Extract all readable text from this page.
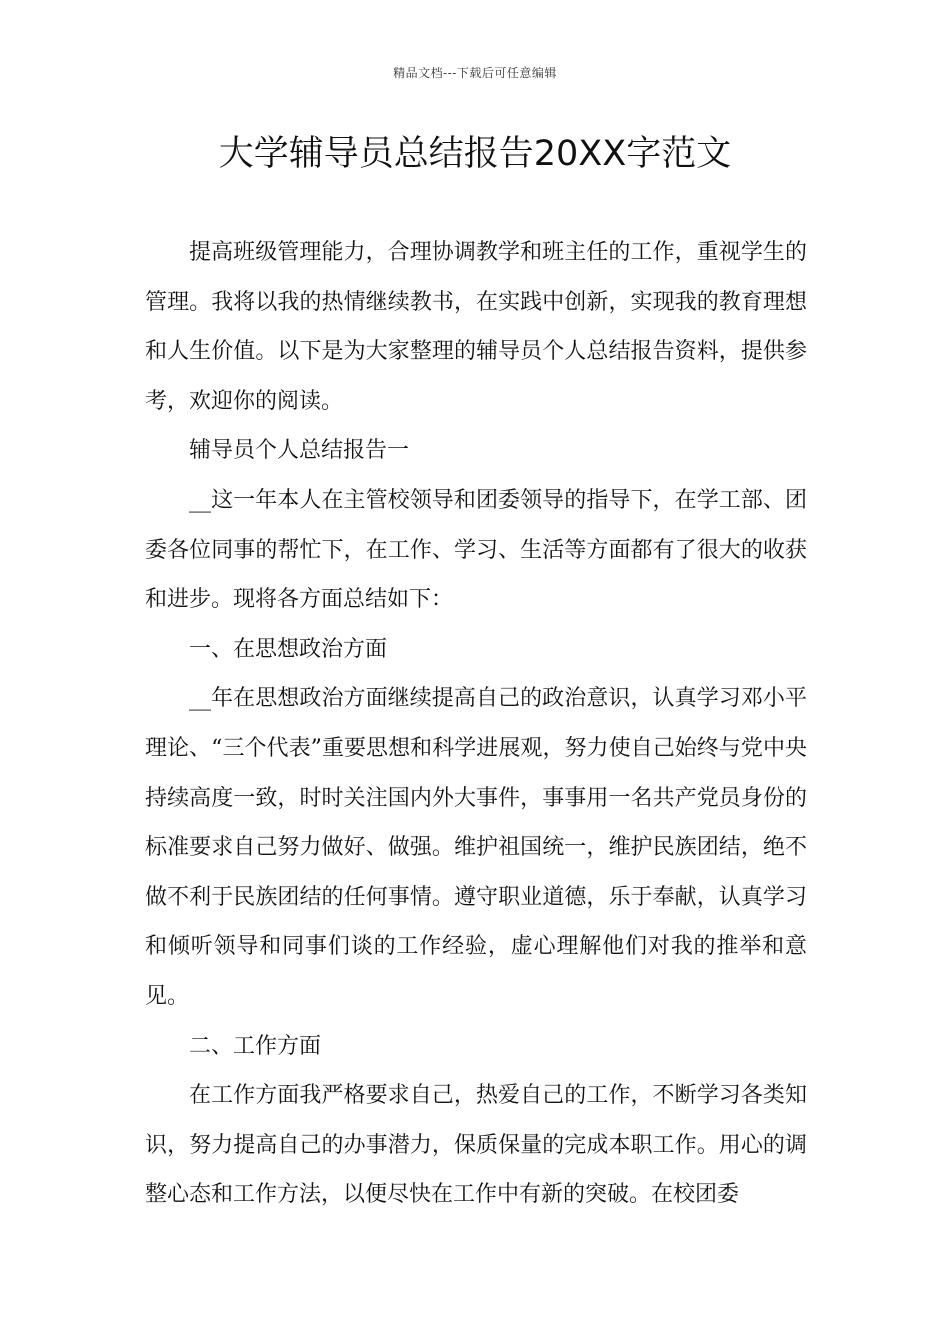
精品文档---下载后可任意编辑
大学辅导员总结报告20XX字范文

提高班级管理能力，合理协调教学和班主任的工作，重视学生的管理。我将以我的热情继续教书，在实践中创新，实现我的教育理想和人生价值。以下是为大家整理的辅导员个人总结报告资料，提供参考，欢迎你的阅读。

辅导员个人总结报告一

__这一年本人在主管校领导和团委领导的指导下，在学工部、团委各位同事的帮忙下，在工作、学习、生活等方面都有了很大的收获和进步。现将各方面总结如下：

一、在思想政治方面

__年在思想政治方面继续提高自己的政治意识，认真学习邓小平理论、“三个代表”重要思想和科学进展观，努力使自己始终与党中央持续高度一致，时时关注国内外大事件，事事用一名共产党员身份的标准要求自己努力做好、做强。维护祖国统一，维护民族团结，绝不做不利于民族团结的任何事情。遵守职业道德，乐于奉献，认真学习和倾听领导和同事们谈的工作经验，虚心理解他们对我的推举和意见。

二、工作方面

在工作方面我严格要求自己，热爱自己的工作，不断学习各类知识，努力提高自己的办事潜力，保质保量的完成本职工作。用心的调整心态和工作方法，以便尽快在工作中有新的突破。在校团委
